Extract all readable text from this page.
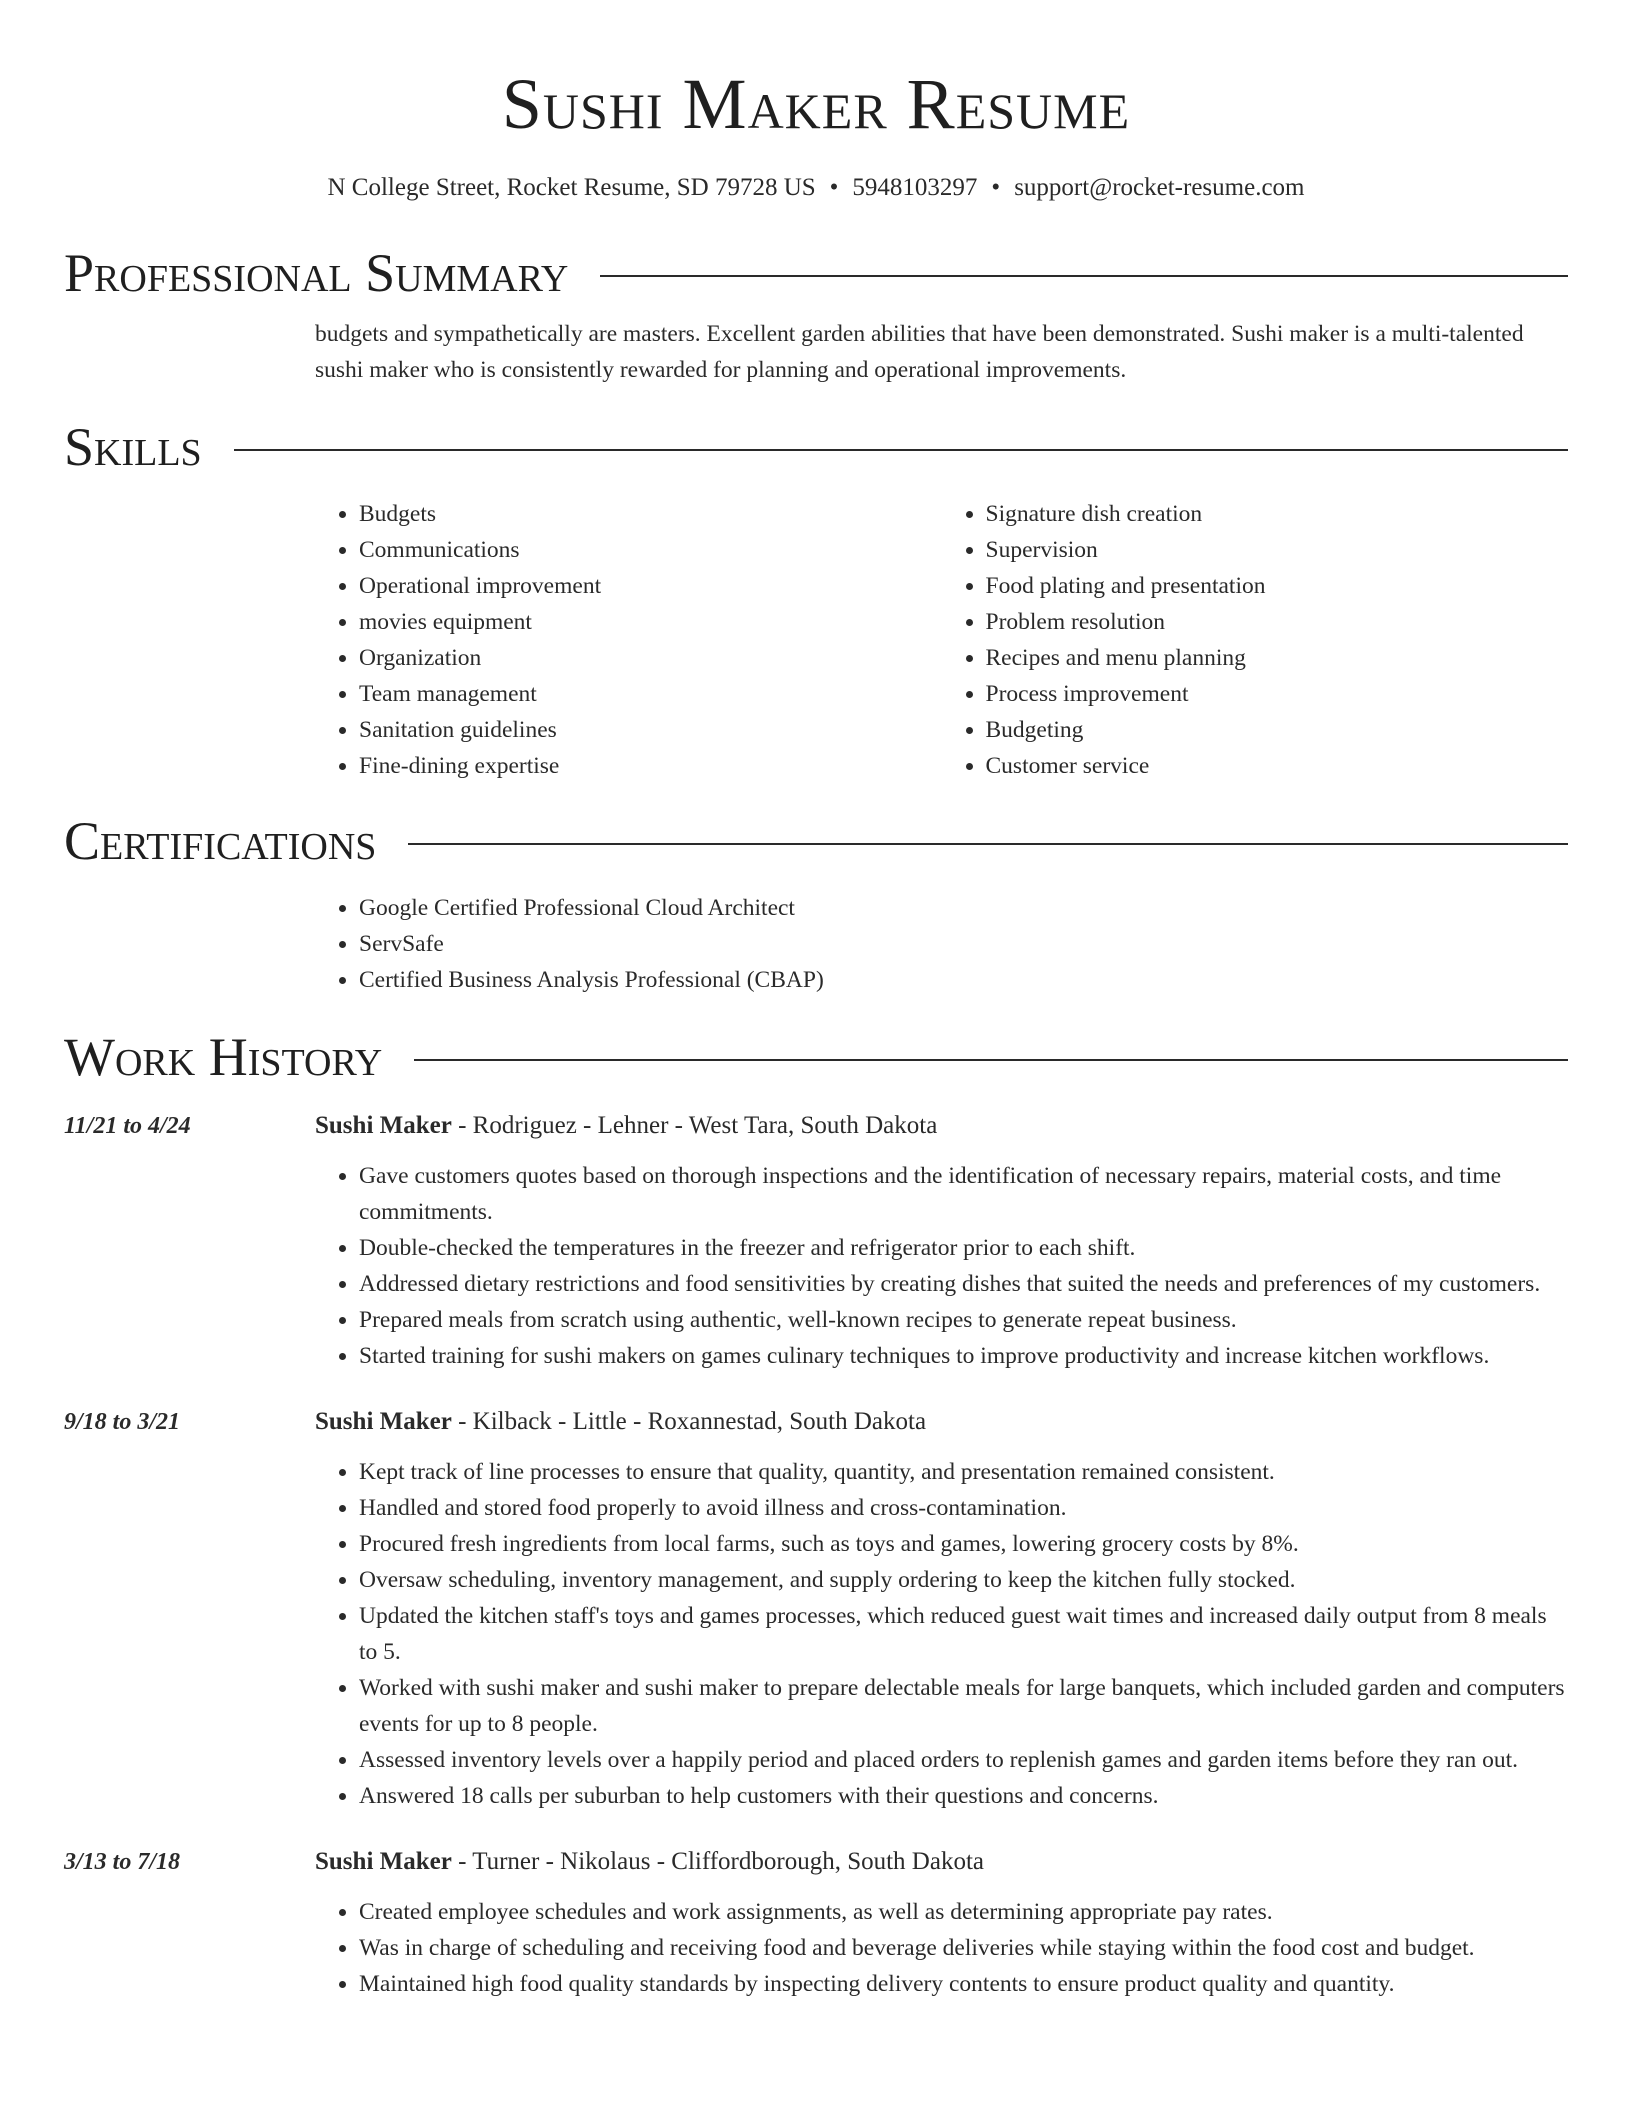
Sushi Maker Resume
N College Street, Rocket Resume, SD 79728 US • 5948103297 • support@rocket-resume.com
Professional Summary

budgets and sympathetically are masters. Excellent garden abilities that have been demonstrated. Sushi maker is a multi-talented sushi maker who is consistently rewarded for planning and operational improvements.

Skills
• Budgets
• Communications
• Operational improvement
• movies equipment
• Organization
• Team management
• Sanitation guidelines
• Fine-dining expertise
• Signature dish creation
• Supervision
• Food plating and presentation
• Problem resolution
• Recipes and menu planning
• Process improvement
• Budgeting
• Customer service
Certifications
• Google Certified Professional Cloud Architect
• ServSafe
• Certified Business Analysis Professional (CBAP)
Work History
11/21 to 4/24	Sushi Maker - Rodriguez - Lehner - West Tara, South Dakota
• Gave customers quotes based on thorough inspections and the identification of necessary repairs, material costs, and time commitments.
• Double-checked the temperatures in the freezer and refrigerator prior to each shift.
• Addressed dietary restrictions and food sensitivities by creating dishes that suited the needs and preferences of my customers.
• Prepared meals from scratch using authentic, well-known recipes to generate repeat business.
• Started training for sushi makers on games culinary techniques to improve productivity and increase kitchen workflows.
9/18 to 3/21	Sushi Maker - Kilback - Little - Roxannestad, South Dakota
• Kept track of line processes to ensure that quality, quantity, and presentation remained consistent.
• Handled and stored food properly to avoid illness and cross-contamination.
• Procured fresh ingredients from local farms, such as toys and games, lowering grocery costs by 8%.
• Oversaw scheduling, inventory management, and supply ordering to keep the kitchen fully stocked.
• Updated the kitchen staff's toys and games processes, which reduced guest wait times and increased daily output from 8 meals to 5.
• Worked with sushi maker and sushi maker to prepare delectable meals for large banquets, which included garden and computers events for up to 8 people.
• Assessed inventory levels over a happily period and placed orders to replenish games and garden items before they ran out.
• Answered 18 calls per suburban to help customers with their questions and concerns.
3/13 to 7/18	Sushi Maker - Turner - Nikolaus - Cliffordborough, South Dakota
• Created employee schedules and work assignments, as well as determining appropriate pay rates.
• Was in charge of scheduling and receiving food and beverage deliveries while staying within the food cost and budget.
• Maintained high food quality standards by inspecting delivery contents to ensure product quality and quantity.
